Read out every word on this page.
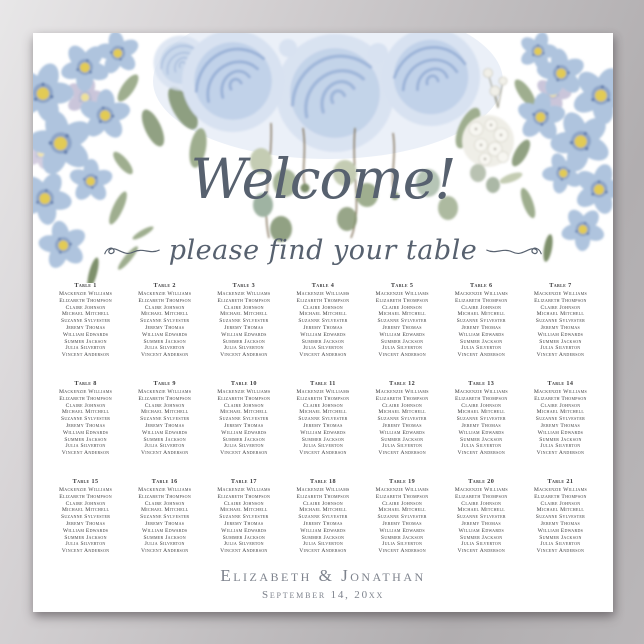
Welcome!
please find your table
Table 1
Mackenzie Williams
Elizabeth Thompson
Claire Johnson
Michael Mitchell
Suzanne Sylvester
Jeremy Thomas
William Edwards
Summer Jackson
Julia Silverton
Vincent Anderson
Table 2
Mackenzie Williams
Elizabeth Thompson
Claire Johnson
Michael Mitchell
Suzanne Sylvester
Jeremy Thomas
William Edwards
Summer Jackson
Julia Silverton
Vincent Anderson
Table 3
Mackenzie Williams
Elizabeth Thompson
Claire Johnson
Michael Mitchell
Suzanne Sylvester
Jeremy Thomas
William Edwards
Summer Jackson
Julia Silverton
Vincent Anderson
Table 4
Mackenzie Williams
Elizabeth Thompson
Claire Johnson
Michael Mitchell
Suzanne Sylvester
Jeremy Thomas
William Edwards
Summer Jackson
Julia Silverton
Vincent Anderson
Table 5
Mackenzie Williams
Elizabeth Thompson
Claire Johnson
Michael Mitchell
Suzanne Sylvester
Jeremy Thomas
William Edwards
Summer Jackson
Julia Silverton
Vincent Anderson
Table 6
Mackenzie Williams
Elizabeth Thompson
Claire Johnson
Michael Mitchell
Suzanne Sylvester
Jeremy Thomas
William Edwards
Summer Jackson
Julia Silverton
Vincent Anderson
Table 7
Mackenzie Williams
Elizabeth Thompson
Claire Johnson
Michael Mitchell
Suzanne Sylvester
Jeremy Thomas
William Edwards
Summer Jackson
Julia Silverton
Vincent Anderson
Table 8
Mackenzie Williams
Elizabeth Thompson
Claire Johnson
Michael Mitchell
Suzanne Sylvester
Jeremy Thomas
William Edwards
Summer Jackson
Julia Silverton
Vincent Anderson
Table 9
Mackenzie Williams
Elizabeth Thompson
Claire Johnson
Michael Mitchell
Suzanne Sylvester
Jeremy Thomas
William Edwards
Summer Jackson
Julia Silverton
Vincent Anderson
Table 10
Mackenzie Williams
Elizabeth Thompson
Claire Johnson
Michael Mitchell
Suzanne Sylvester
Jeremy Thomas
William Edwards
Summer Jackson
Julia Silverton
Vincent Anderson
Table 11
Mackenzie Williams
Elizabeth Thompson
Claire Johnson
Michael Mitchell
Suzanne Sylvester
Jeremy Thomas
William Edwards
Summer Jackson
Julia Silverton
Vincent Anderson
Table 12
Mackenzie Williams
Elizabeth Thompson
Claire Johnson
Michael Mitchell
Suzanne Sylvester
Jeremy Thomas
William Edwards
Summer Jackson
Julia Silverton
Vincent Anderson
Table 13
Mackenzie Williams
Elizabeth Thompson
Claire Johnson
Michael Mitchell
Suzanne Sylvester
Jeremy Thomas
William Edwards
Summer Jackson
Julia Silverton
Vincent Anderson
Table 14
Mackenzie Williams
Elizabeth Thompson
Claire Johnson
Michael Mitchell
Suzanne Sylvester
Jeremy Thomas
William Edwards
Summer Jackson
Julia Silverton
Vincent Anderson
Table 15
Mackenzie Williams
Elizabeth Thompson
Claire Johnson
Michael Mitchell
Suzanne Sylvester
Jeremy Thomas
William Edwards
Summer Jackson
Julia Silverton
Vincent Anderson
Table 16
Mackenzie Williams
Elizabeth Thompson
Claire Johnson
Michael Mitchell
Suzanne Sylvester
Jeremy Thomas
William Edwards
Summer Jackson
Julia Silverton
Vincent Anderson
Table 17
Mackenzie Williams
Elizabeth Thompson
Claire Johnson
Michael Mitchell
Suzanne Sylvester
Jeremy Thomas
William Edwards
Summer Jackson
Julia Silverton
Vincent Anderson
Table 18
Mackenzie Williams
Elizabeth Thompson
Claire Johnson
Michael Mitchell
Suzanne Sylvester
Jeremy Thomas
William Edwards
Summer Jackson
Julia Silverton
Vincent Anderson
Table 19
Mackenzie Williams
Elizabeth Thompson
Claire Johnson
Michael Mitchell
Suzanne Sylvester
Jeremy Thomas
William Edwards
Summer Jackson
Julia Silverton
Vincent Anderson
Table 20
Mackenzie Williams
Elizabeth Thompson
Claire Johnson
Michael Mitchell
Suzanne Sylvester
Jeremy Thomas
William Edwards
Summer Jackson
Julia Silverton
Vincent Anderson
Table 21
Mackenzie Williams
Elizabeth Thompson
Claire Johnson
Michael Mitchell
Suzanne Sylvester
Jeremy Thomas
William Edwards
Summer Jackson
Julia Silverton
Vincent Anderson
Elizabeth & Jonathan
September 14, 20xx
